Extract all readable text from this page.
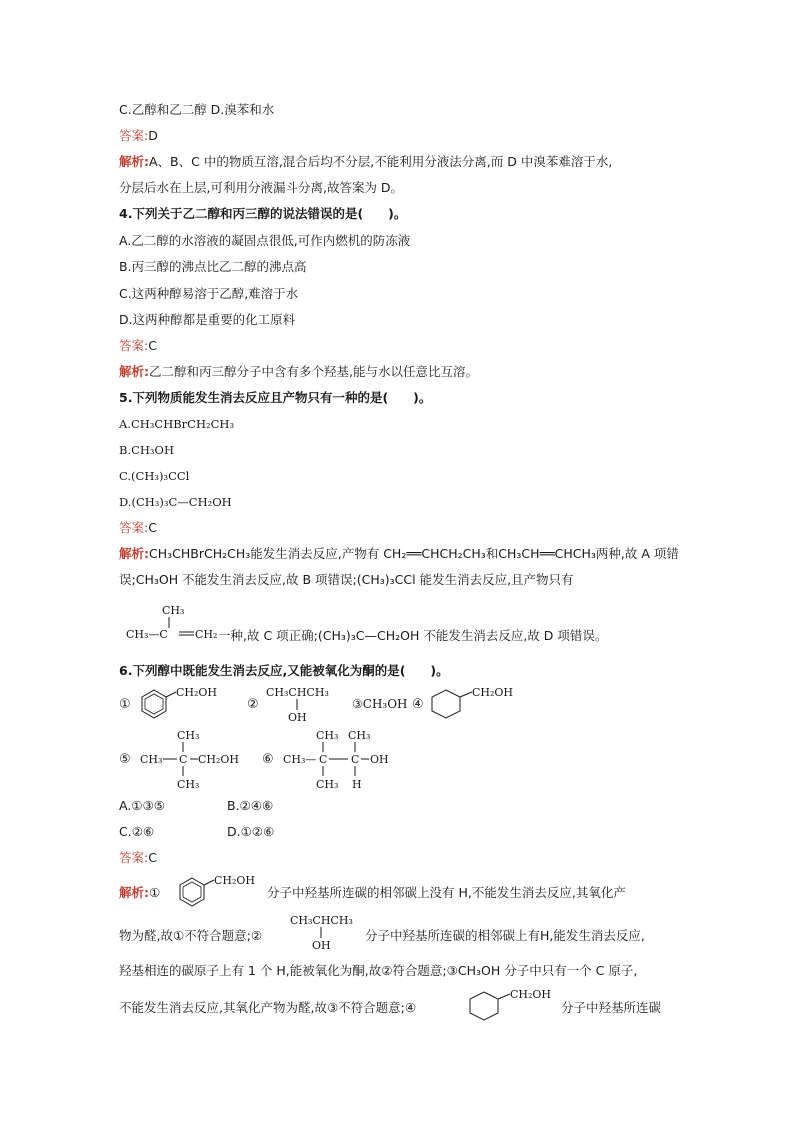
C.乙醇和乙二醇 D.溴苯和水
答案:D
解析:A、B、C 中的物质互溶,混合后均不分层,不能利用分液法分离,而 D 中溴苯难溶于水,
分层后水在上层,可利用分液漏斗分离,故答案为 D。
4.下列关于乙二醇和丙三醇的说法错误的是(　　)。
A.乙二醇的水溶液的凝固点很低,可作内燃机的防冻液
B.丙三醇的沸点比乙二醇的沸点高
C.这两种醇易溶于乙醇,难溶于水
D.这两种醇都是重要的化工原料
答案:C
解析:乙二醇和丙三醇分子中含有多个羟基,能与水以任意比互溶。
5.下列物质能发生消去反应且产物只有一种的是(　　)。
A.CH₃CHBrCH₂CH₃
B.CH₃OH
C.(CH₃)₃CCl
D.(CH₃)₃C—CH₂OH
答案:C
解析:CH₃CHBrCH₂CH₃能发生消去反应,产物有 CH₂══CHCH₂CH₃和CH₃CH══CHCH₃两种,故 A 项错
误;CH₃OH 不能发生消去反应,故 B 项错误;(CH₃)₃CCl 能发生消去反应,且产物只有
CH₃
CH₃—C CH₂ 一种,故 C 项正确;(CH₃)₃C—CH₂OH 不能发生消去反应,故 D 项错误。
6.下列醇中既能发生消去反应,又能被氧化为酮的是(　　)。
①
CH₂OH
②
CH₃CHCH₃
OH
③CH₃OH ④
CH₂OH
⑤
CH₃
CH₃ C CH₂OH
CH₃
⑥
CH₃ CH₃
CH₃— C C OH
CH₃ H
A.①③⑤	B.②④⑥
C.②⑥	D.①②⑥
答案:C
解析:①
CH₂OH
分子中羟基所连碳的相邻碳上没有 H,不能发生消去反应,其氧化产
物为醛,故①不符合题意;②
CH₃CHCH₃
OH
分子中羟基所连碳的相邻碳上有H,能发生消去反应,
羟基相连的碳原子上有 1 个 H,能被氧化为酮,故②符合题意;③CH₃OH 分子中只有一个 C 原子,
不能发生消去反应,其氧化产物为醛,故③不符合题意;④
CH₂OH
分子中羟基所连碳
